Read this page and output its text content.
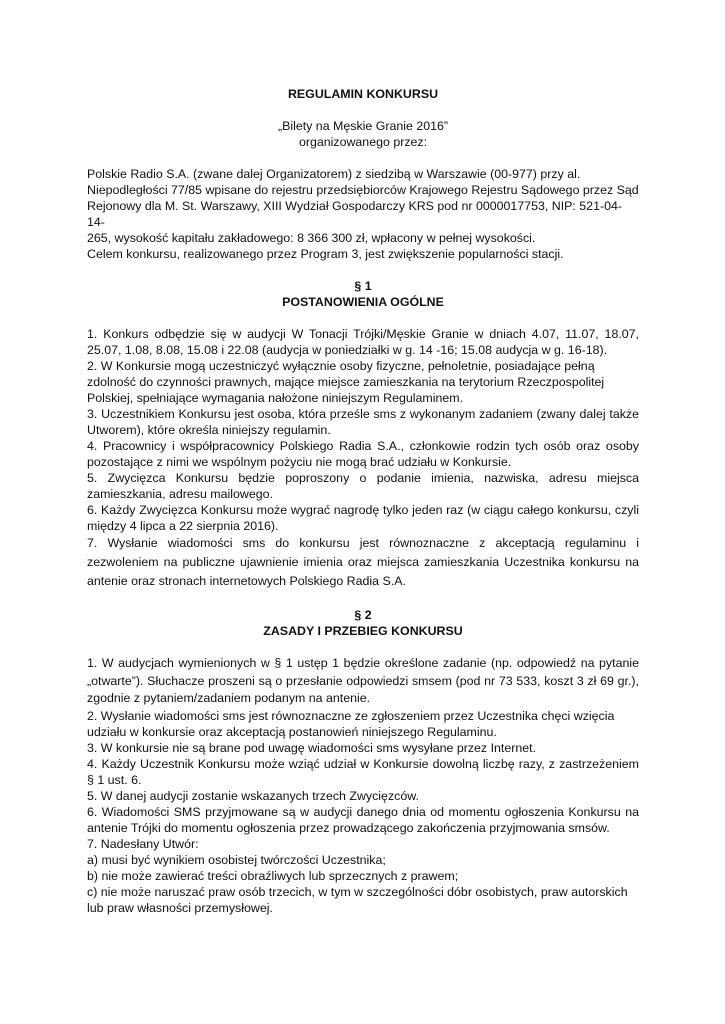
REGULAMIN KONKURSU

„Bilety na Męskie Granie 2016”

organizowanego przez:

Polskie Radio S.A. (zwane dalej Organizatorem) z siedzibą w Warszawie (00-977) przy al.

Niepodległości 77/85 wpisane do rejestru przedsiębiorców Krajowego Rejestru Sądowego przez Sąd

Rejonowy dla M. St. Warszawy, XIII Wydział Gospodarczy KRS pod nr 0000017753, NIP: 521-04-14-

265, wysokość kapitału zakładowego: 8 366 300 zł, wpłacony w pełnej wysokości.

Celem konkursu, realizowanego przez Program 3, jest zwiększenie popularności stacji.

§ 1

POSTANOWIENIA OGÓLNE

1. Konkurs odbędzie się w audycji W Tonacji Trójki/Męskie Granie w dniach 4.07, 11.07, 18.07, 25.07, 1.08, 8.08, 15.08 i 22.08 (audycja w poniedziałki w g. 14 -16; 15.08 audycja w g. 16-18).

2. W Konkursie mogą uczestniczyć wyłącznie osoby fizyczne, pełnoletnie, posiadające pełną zdolność do czynności prawnych, mające miejsce zamieszkania na terytorium Rzeczpospolitej Polskiej, spełniające wymagania nałożone niniejszym Regulaminem.

3. Uczestnikiem Konkursu jest osoba, która prześle sms z wykonanym zadaniem (zwany dalej także Utworem), które określa niniejszy regulamin.

4. Pracownicy i współpracownicy Polskiego Radia S.A., członkowie rodzin tych osób oraz osoby pozostające z nimi we wspólnym pożyciu nie mogą brać udziału w Konkursie.

5. Zwycięzca Konkursu będzie poproszony o podanie imienia, nazwiska, adresu miejsca zamieszkania, adresu mailowego.

6. Każdy Zwycięzca Konkursu może wygrać nagrodę tylko jeden raz (w ciągu całego konkursu, czyli między 4 lipca a 22 sierpnia 2016).

7. Wysłanie wiadomości sms do konkursu jest równoznaczne z akceptacją regulaminu i zezwoleniem na publiczne ujawnienie imienia oraz miejsca zamieszkania Uczestnika konkursu na antenie oraz stronach internetowych Polskiego Radia S.A.

§ 2

ZASADY I PRZEBIEG KONKURSU

1. W audycjach wymienionych w § 1 ustęp 1 będzie określone zadanie (np. odpowiedź na pytanie „otwarte”). Słuchacze proszeni są o przesłanie odpowiedzi smsem (pod nr 73 533, koszt 3 zł 69 gr.), zgodnie z pytaniem/zadaniem podanym na antenie.

2. Wysłanie wiadomości sms jest równoznaczne ze zgłoszeniem przez Uczestnika chęci wzięcia udziału w konkursie oraz akceptacją postanowień niniejszego Regulaminu.

3. W konkursie nie są brane pod uwagę wiadomości sms wysyłane przez Internet.

4. Każdy Uczestnik Konkursu może wziąć udział w Konkursie dowolną liczbę razy, z zastrzeżeniem § 1 ust. 6.

5. W danej audycji zostanie wskazanych trzech Zwycięzców.

6. Wiadomości SMS przyjmowane są w audycji danego dnia od momentu ogłoszenia Konkursu na antenie Trójki do momentu ogłoszenia przez prowadzącego zakończenia przyjmowania smsów.

7. Nadesłany Utwór:

a) musi być wynikiem osobistej twórczości Uczestnika;

b) nie może zawierać treści obraźliwych lub sprzecznych z prawem;

c) nie może naruszać praw osób trzecich, w tym w szczególności dóbr osobistych, praw autorskich lub praw własności przemysłowej.
